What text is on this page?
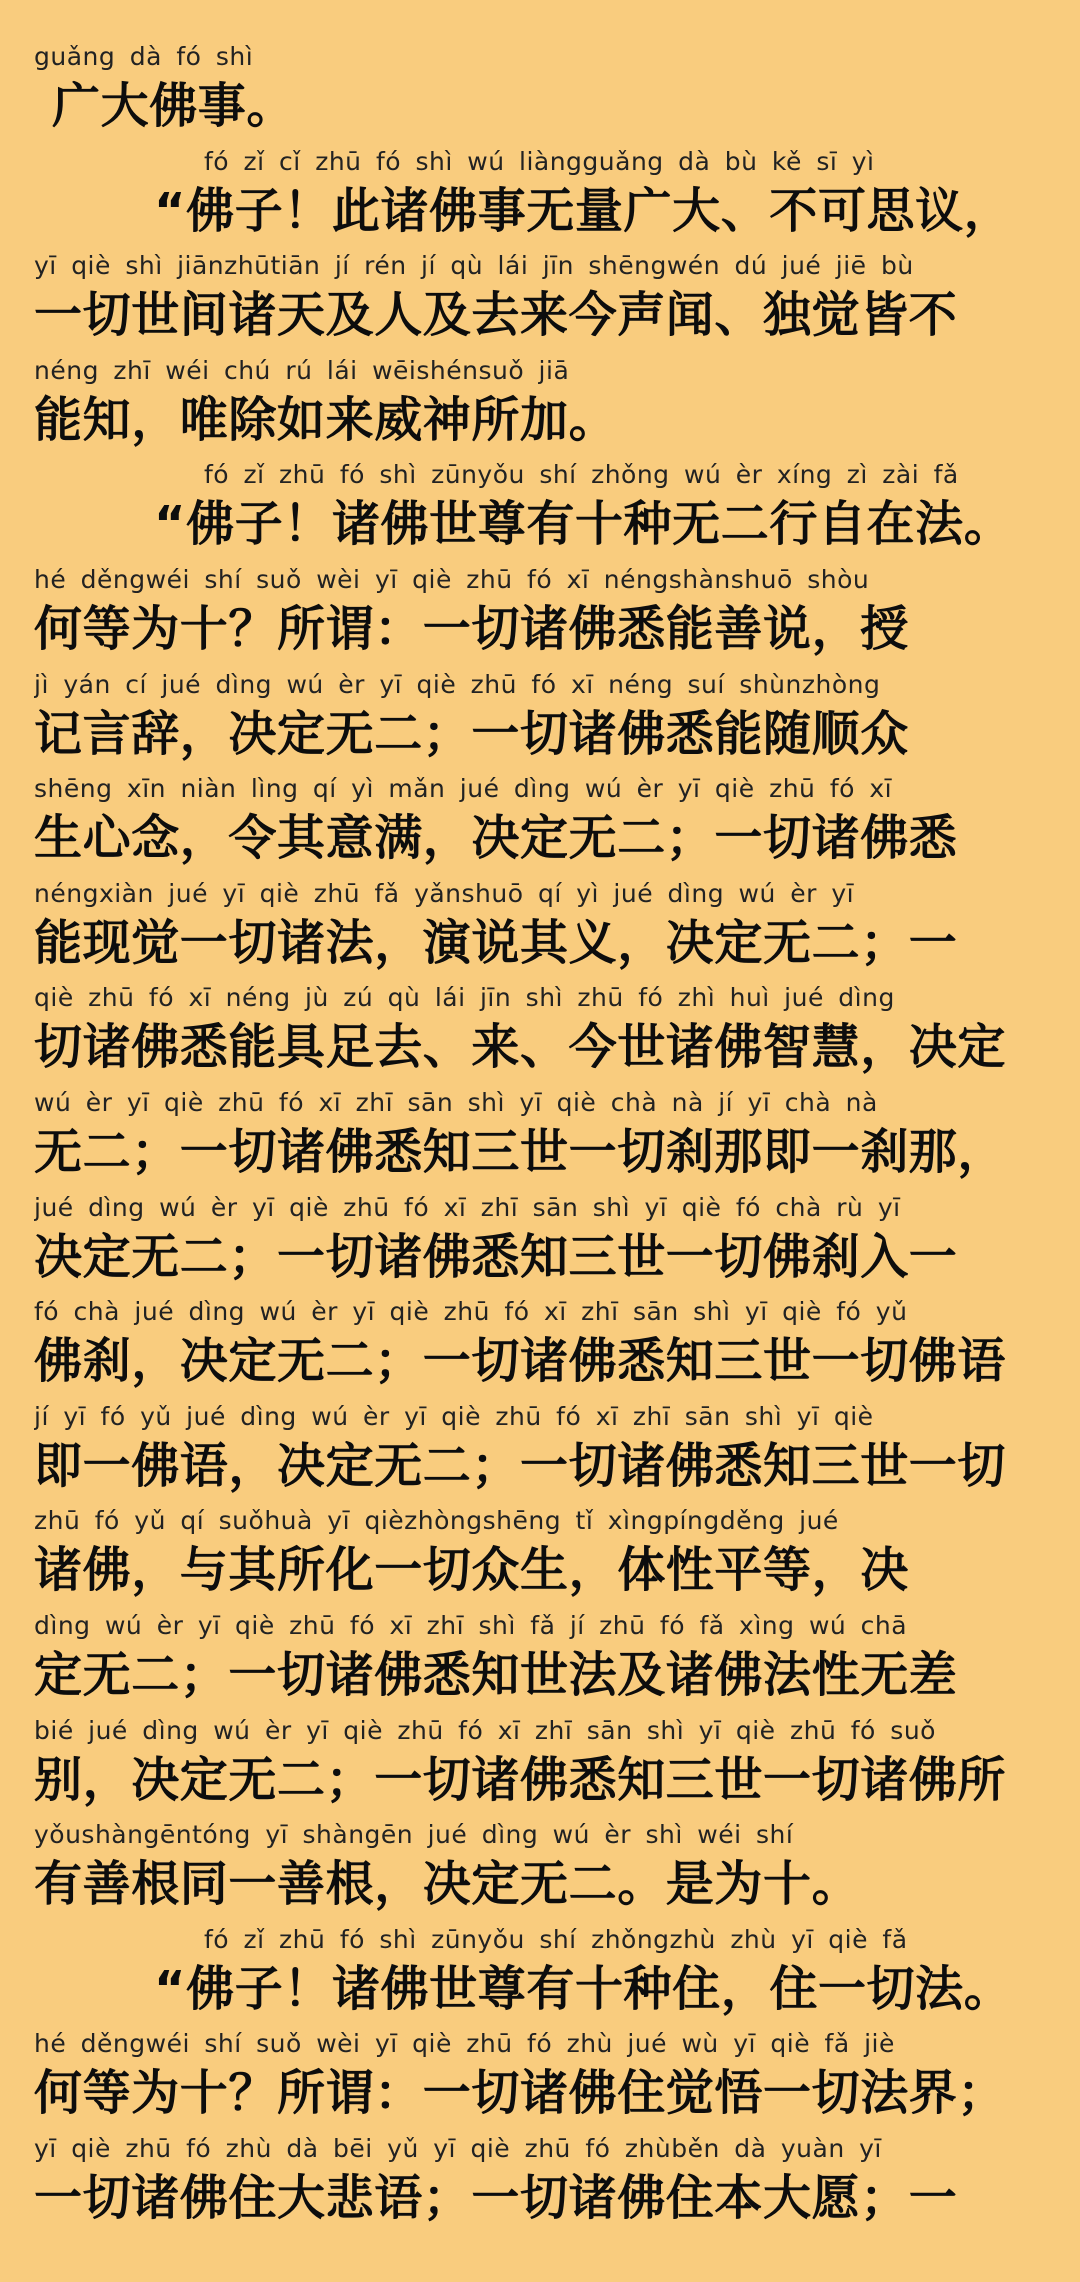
guǎng dà fó shì
广大佛事。
fó zǐ cǐ zhū fó shì wú liàngguǎng dà bù kě sī yì
“佛子！此诸佛事无量广大、不可思议，
yī qiè shì jiānzhūtiān jí rén jí qù lái jīn shēngwén dú jué jiē bù
一切世间诸天及人及去来今声闻、独觉皆不
néng zhī wéi chú rú lái wēishénsuǒ jiā
能知，唯除如来威神所加。
fó zǐ zhū fó shì zūnyǒu shí zhǒng wú èr xíng zì zài fǎ
“佛子！诸佛世尊有十种无二行自在法。
hé děngwéi shí suǒ wèi yī qiè zhū fó xī néngshànshuō shòu
何等为十？所谓：一切诸佛悉能善说，授
jì yán cí jué dìng wú èr yī qiè zhū fó xī néng suí shùnzhòng
记言辞，决定无二；一切诸佛悉能随顺众
shēng xīn niàn lìng qí yì mǎn jué dìng wú èr yī qiè zhū fó xī
生心念，令其意满，决定无二；一切诸佛悉
néngxiàn jué yī qiè zhū fǎ yǎnshuō qí yì jué dìng wú èr yī
能现觉一切诸法，演说其义，决定无二；一
qiè zhū fó xī néng jù zú qù lái jīn shì zhū fó zhì huì jué dìng
切诸佛悉能具足去、来、今世诸佛智慧，决定
wú èr yī qiè zhū fó xī zhī sān shì yī qiè chà nà jí yī chà nà
无二；一切诸佛悉知三世一切刹那即一刹那，
jué dìng wú èr yī qiè zhū fó xī zhī sān shì yī qiè fó chà rù yī
决定无二；一切诸佛悉知三世一切佛刹入一
fó chà jué dìng wú èr yī qiè zhū fó xī zhī sān shì yī qiè fó yǔ
佛刹，决定无二；一切诸佛悉知三世一切佛语
jí yī fó yǔ jué dìng wú èr yī qiè zhū fó xī zhī sān shì yī qiè
即一佛语，决定无二；一切诸佛悉知三世一切
zhū fó yǔ qí suǒhuà yī qièzhòngshēng tǐ xìngpíngděng jué
诸佛，与其所化一切众生，体性平等，决
dìng wú èr yī qiè zhū fó xī zhī shì fǎ jí zhū fó fǎ xìng wú chā
定无二；一切诸佛悉知世法及诸佛法性无差
bié jué dìng wú èr yī qiè zhū fó xī zhī sān shì yī qiè zhū fó suǒ
别，决定无二；一切诸佛悉知三世一切诸佛所
yǒushàngēntóng yī shàngēn jué dìng wú èr shì wéi shí
有善根同一善根，决定无二。是为十。
fó zǐ zhū fó shì zūnyǒu shí zhǒngzhù zhù yī qiè fǎ
“佛子！诸佛世尊有十种住，住一切法。
hé děngwéi shí suǒ wèi yī qiè zhū fó zhù jué wù yī qiè fǎ jiè
何等为十？所谓：一切诸佛住觉悟一切法界；
yī qiè zhū fó zhù dà bēi yǔ yī qiè zhū fó zhùběn dà yuàn yī
一切诸佛住大悲语；一切诸佛住本大愿；一
